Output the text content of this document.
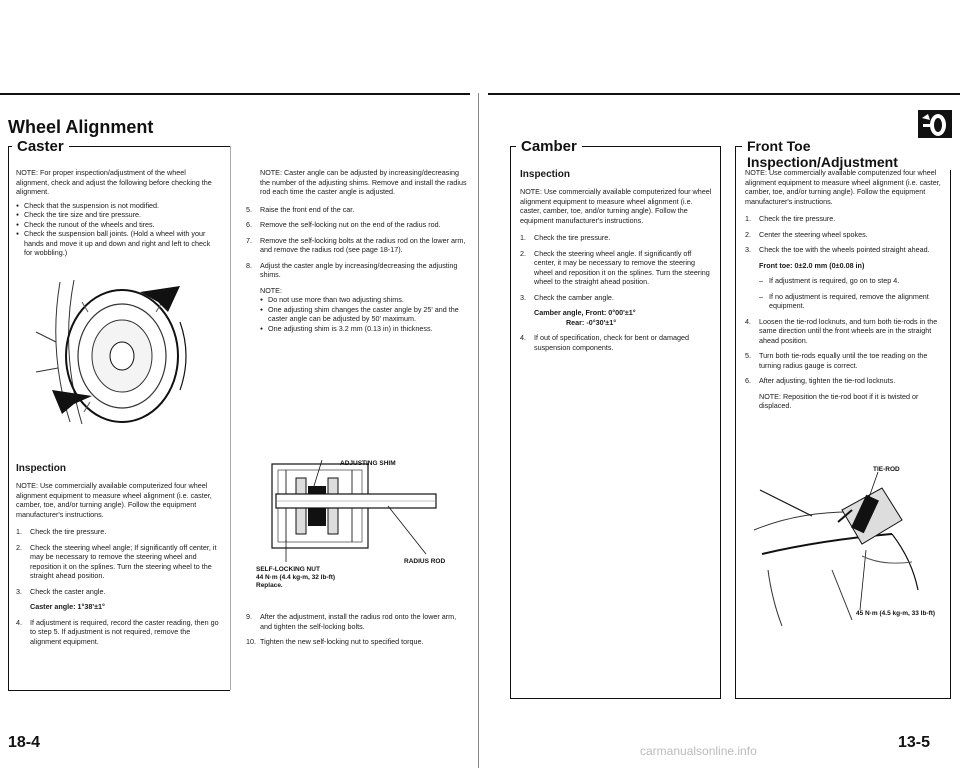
Wheel Alignment
Caster

NOTE: For proper inspection/adjustment of the wheel alignment, check and adjust the following before checking the alignment.

● Check that the suspension is not modified.
● Check the tire size and tire pressure.
● Check the runout of the wheels and tires.
● Check the suspension ball joints. (Hold a wheel with your hands and move it up and down and right and left to check for wobbling.)
Inspection

NOTE: Use commercially available computerized four wheel alignment equipment to measure wheel alignment (i.e. caster, camber, toe, and/or turning angle). Follow the equipment manufacturer's instructions.

1.	Check the tire pressure.
2.	Check the steering wheel angle; If significantly off center, it may be necessary to remove the steering wheel and reposition it on the splines. Turn the steering wheel to the straight ahead position.
3.	Check the caster angle.
Caster angle: 1°38'±1°
4.	If adjustment is required, record the caster reading, then go to step 5. If adjustment is not required, remove the alignment equipment.

NOTE: Caster angle can be adjusted by increasing/decreasing the number of the adjusting shims. Remove and install the radius rod each time the caster angle is adjusted.

5.	Raise the front end of the car.
6.	Remove the self-locking nut on the end of the radius rod.
7.	Remove the self-locking bolts at the radius rod on the lower arm, and remove the radius rod (see page 18-17).
8.	Adjust the caster angle by increasing/decreasing the adjusting shims.
NOTE:
● Do not use more than two adjusting shims.
● One adjusting shim changes the caster angle by 25' and the caster angle can be adjusted by 50' maximum.
● One adjusting shim is 3.2 mm (0.13 in) in thickness.
ADJUSTING SHIM
RADIUS ROD
SELF-LOCKING NUT
44 N·m (4.4 kg-m, 32 lb-ft)
Replace.
9.	After the adjustment, install the radius rod onto the lower arm, and tighten the self-locking bolts.
10. Tighten the new self-locking nut to specified torque.
18-4
Camber
Inspection

NOTE: Use commercially available computerized four wheel alignment equipment to measure wheel alignment (i.e. caster, camber, toe, and/or turning angle). Follow the equipment manufacturer's instructions.

1.	Check the tire pressure.
2.	Check the steering wheel angle. If significantly off center, it may be necessary to remove the steering wheel and reposition it on the splines. Turn the steering wheel to the straight ahead position.
3.	Check the camber angle.
Camber angle, Front: 0°00'±1°
Rear: -0°30'±1°
4.	If out of specification, check for bent or damaged suspension components.
Front Toe Inspection/Adjustment

NOTE: Use commercially available computerized four wheel alignment equipment to measure wheel alignment (i.e. caster, camber, toe, and/or turning angle). Follow the equipment manufacturer's instructions.

1.	Check the tire pressure.
2.	Center the steering wheel spokes.
3.	Check the toe with the wheels pointed straight ahead.
Front toe: 0±2.0 mm (0±0.08 in)
– If adjustment is required, go on to step 4.
– If no adjustment is required, remove the alignment equipment.
4.	Loosen the tie-rod locknuts, and turn both tie-rods in the same direction until the front wheels are in the straight ahead position.
5.	Turn both tie-rods equally until the toe reading on the turning radius gauge is correct.
6.	After adjusting, tighten the tie-rod locknuts.

NOTE: Reposition the tie-rod boot if it is twisted or displaced.

TIE-ROD
45 N·m (4.5 kg-m, 33 lb-ft)
13-5
carmanualsonline.info
